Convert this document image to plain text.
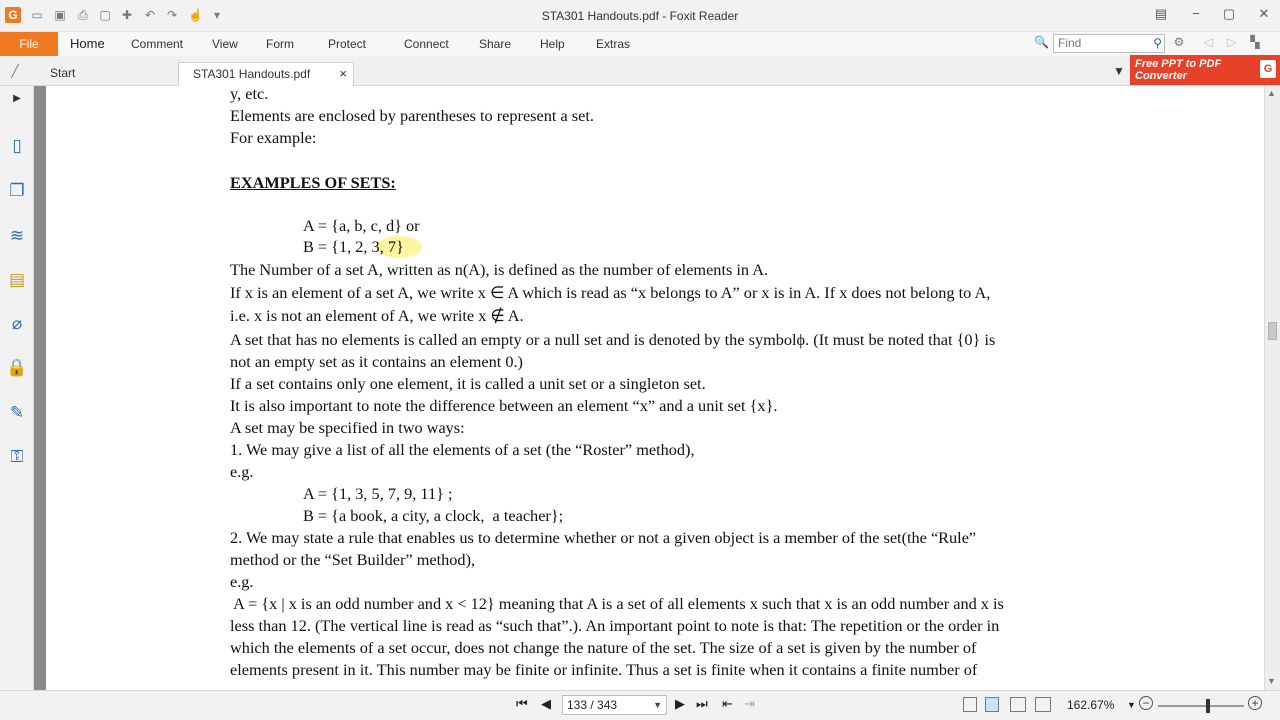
G ▭ ▣ ⎙ ▢ ✚ ↶ ↷ ☝ ▾	STA301 Handouts.pdf - Foxit Reader	▤ − ▢ ✕
File	Home Comment View Form	Protect	Connect	Share Help	Extras	🔍 Find	⚲ ⚙ ◁ ▷ ▚
╱	Start	STA301 Handouts.pdf ×	▼ Free PPT to PDF
Converter
G
▶
▯
❐
≋
▤
⌀
🔒
✎
⚿
y, etc.
Elements are enclosed by parentheses to represent a set.
For example:
EXAMPLES OF SETS:
A = {a, b, c, d} or
B = {1, 2, 3, 7}
The Number of a set A, written as n(A), is defined as the number of elements in A.
If x is an element of a set A, we write x ∈ A which is read as “x belongs to A” or x is in A. If x does not belong to A,
i.e. x is not an element of A, we write x ∉ A.
A set that has no elements is called an empty or a null set and is denoted by the symbolϕ. (It must be noted that {0} is
not an empty set as it contains an element 0.)
If a set contains only one element, it is called a unit set or a singleton set.
It is also important to note the difference between an element “x” and a unit set {x}.
A set may be specified in two ways:
1. We may give a list of all the elements of a set (the “Roster” method),
e.g.
A = {1, 3, 5, 7, 9, 11} ;
B = {a book, a city, a clock,  a teacher};
2. We may state a rule that enables us to determine whether or not a given object is a member of the set(the “Rule”
method or the “Set Builder” method),
e.g.
A = {x | x is an odd number and x < 12} meaning that A is a set of all elements x such that x is an odd number and x is
less than 12. (The vertical line is read as “such that”.). An important point to note is that: The repetition or the order in
which the elements of a set occur, does not change the nature of the set. The size of a set is given by the number of
elements present in it. This number may be finite or infinite. Thus a set is finite when it contains a finite number of
▲
▼
⏮ ◀	133 / 343	▼ ▶ ⏭ ⇤ ⇥	162.67% ▼ −	+
